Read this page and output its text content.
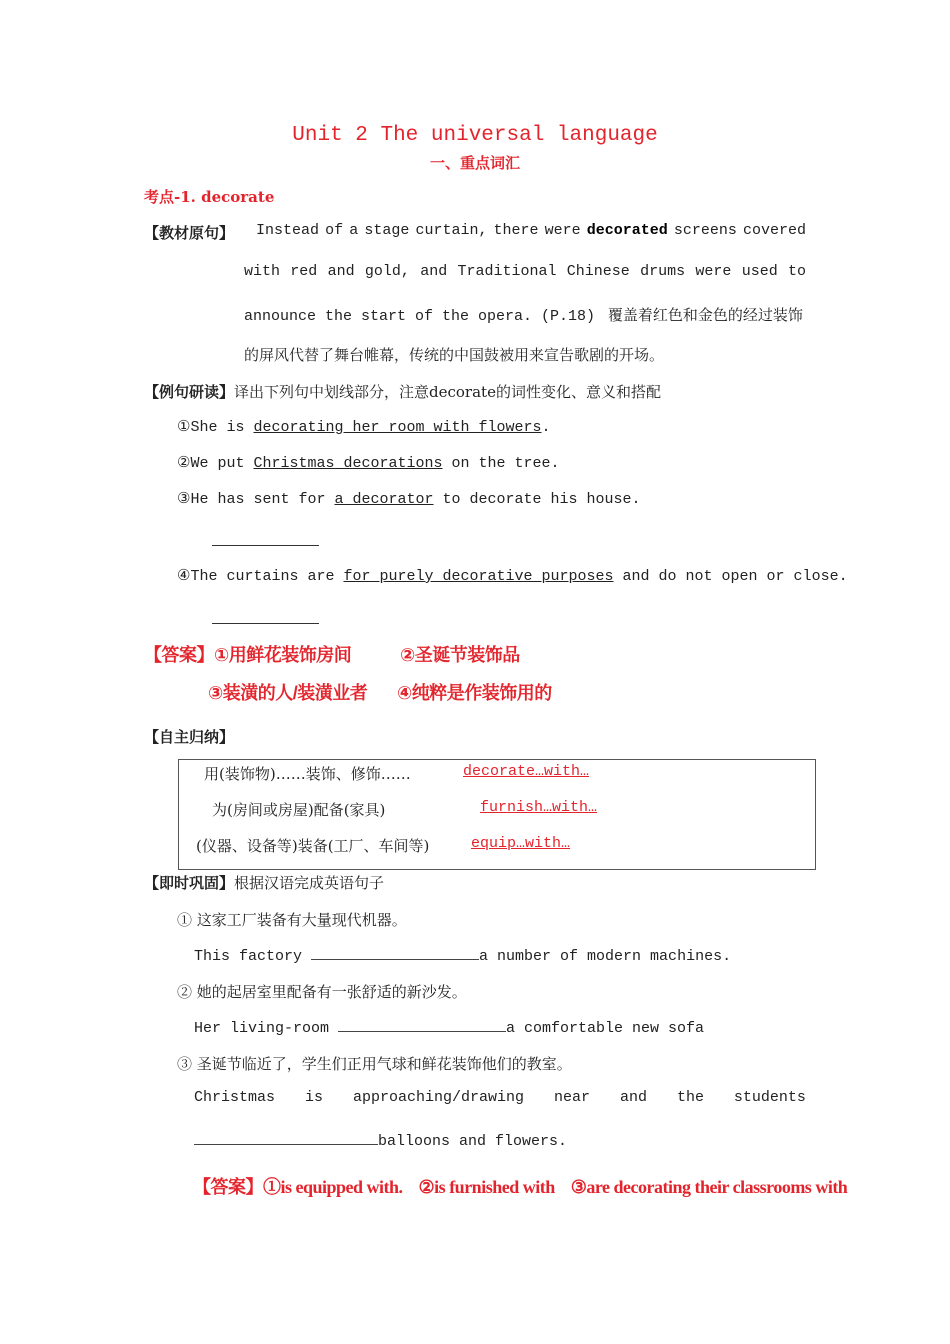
Unit 2 The universal language
一、重点词汇
考点-1. decorate
【教材原句】 Instead of a stage curtain, there were decorated screens covered
with red and gold, and Traditional Chinese drums were used to
announce the start of the opera. (P.18) 覆盖着红色和金色的经过装饰
的屏风代替了舞台帷幕，传统的中国鼓被用来宣告歌剧的开场。
【例句研读】译出下列句中划线部分，注意decorate的词性变化、意义和搭配
①She is decorating her room with flowers.
②We put Christmas decorations on the tree.
③He has sent for a decorator to decorate his house.
④The curtains are for purely decorative purposes and do not open or close.
【答案】①用鲜花装饰房间	②圣诞节装饰品
③装潢的人/装潢业者 ④纯粹是作装饰用的
【自主归纳】
用(装饰物)……装饰、修饰……	decorate…with…
为(房间或房屋)配备(家具)	furnish…with…
(仪器、设备等)装备(工厂、车间等)	equip…with…
【即时巩固】根据汉语完成英语句子
① 这家工厂装备有大量现代机器。
This factory	a number of modern machines.
② 她的起居室里配备有一张舒适的新沙发。
Her living-room	a comfortable new sofa
③ 圣诞节临近了，学生们正用气球和鲜花装饰他们的教室。
Christmas is approaching/drawing near and the students
balloons and flowers.
【答案】①is equipped with. ②is furnished with ③are decorating their classrooms with
